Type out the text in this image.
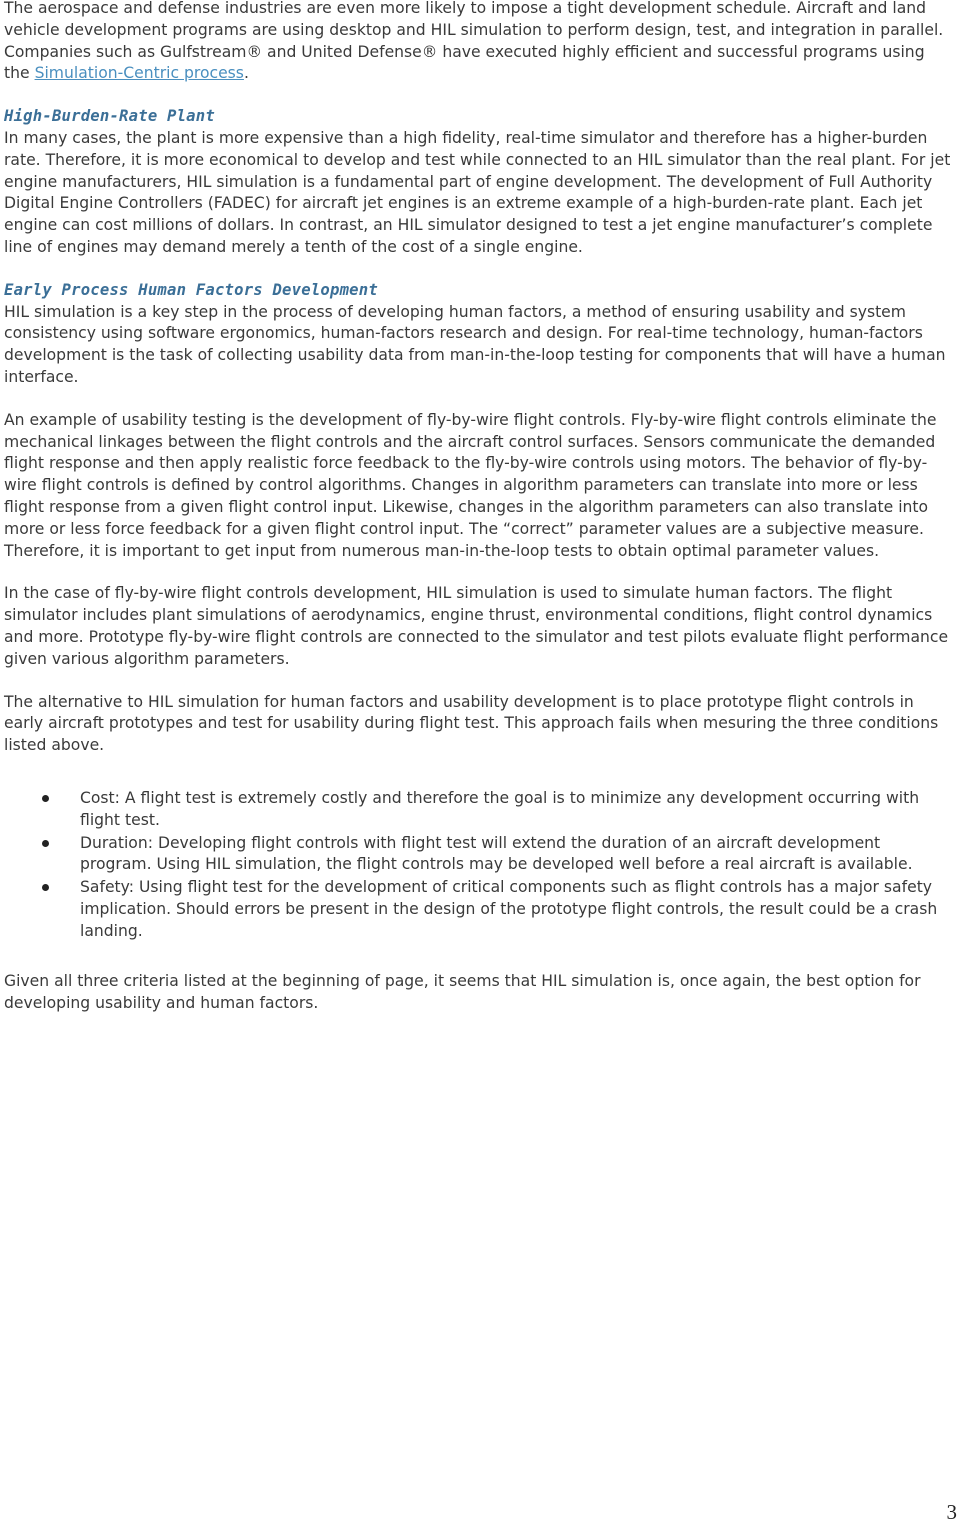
The aerospace and defense industries are even more likely to impose a tight development schedule. Aircraft and land vehicle development programs are using desktop and HIL simulation to perform design, test, and integration in parallel. Companies such as Gulfstream® and United Defense® have executed highly efficient and successful programs using the Simulation-Centric process.

High-Burden-Rate Plant

In many cases, the plant is more expensive than a high fidelity, real-time simulator and therefore has a higher-burden rate. Therefore, it is more economical to develop and test while connected to an HIL simulator than the real plant. For jet engine manufacturers, HIL simulation is a fundamental part of engine development. The development of Full Authority Digital Engine Controllers (FADEC) for aircraft jet engines is an extreme example of a high-burden-rate plant. Each jet engine can cost millions of dollars. In contrast, an HIL simulator designed to test a jet engine manufacturer’s complete line of engines may demand merely a tenth of the cost of a single engine.

Early Process Human Factors Development

HIL simulation is a key step in the process of developing human factors, a method of ensuring usability and system consistency using software ergonomics, human-factors research and design. For real-time technology, human-factors development is the task of collecting usability data from man-in-the-loop testing for components that will have a human interface.

An example of usability testing is the development of fly-by-wire flight controls. Fly-by-wire flight controls eliminate the mechanical linkages between the flight controls and the aircraft control surfaces. Sensors communicate the demanded flight response and then apply realistic force feedback to the fly-by-wire controls using motors. The behavior of fly-by-wire flight controls is defined by control algorithms. Changes in algorithm parameters can translate into more or less flight response from a given flight control input. Likewise, changes in the algorithm parameters can also translate into more or less force feedback for a given flight control input. The “correct” parameter values are a subjective measure. Therefore, it is important to get input from numerous man-in-the-loop tests to obtain optimal parameter values.

In the case of fly-by-wire flight controls development, HIL simulation is used to simulate human factors. The flight simulator includes plant simulations of aerodynamics, engine thrust, environmental conditions, flight control dynamics and more. Prototype fly-by-wire flight controls are connected to the simulator and test pilots evaluate flight performance given various algorithm parameters.

The alternative to HIL simulation for human factors and usability development is to place prototype flight controls in early aircraft prototypes and test for usability during flight test. This approach fails when mesuring the three conditions listed above.

Cost: A flight test is extremely costly and therefore the goal is to minimize any development occurring with flight test.
Duration: Developing flight controls with flight test will extend the duration of an aircraft development program. Using HIL simulation, the flight controls may be developed well before a real aircraft is available.
Safety: Using flight test for the development of critical components such as flight controls has a major safety implication. Should errors be present in the design of the prototype flight controls, the result could be a crash landing.

Given all three criteria listed at the beginning of page, it seems that HIL simulation is, once again, the best option for developing usability and human factors.

3
